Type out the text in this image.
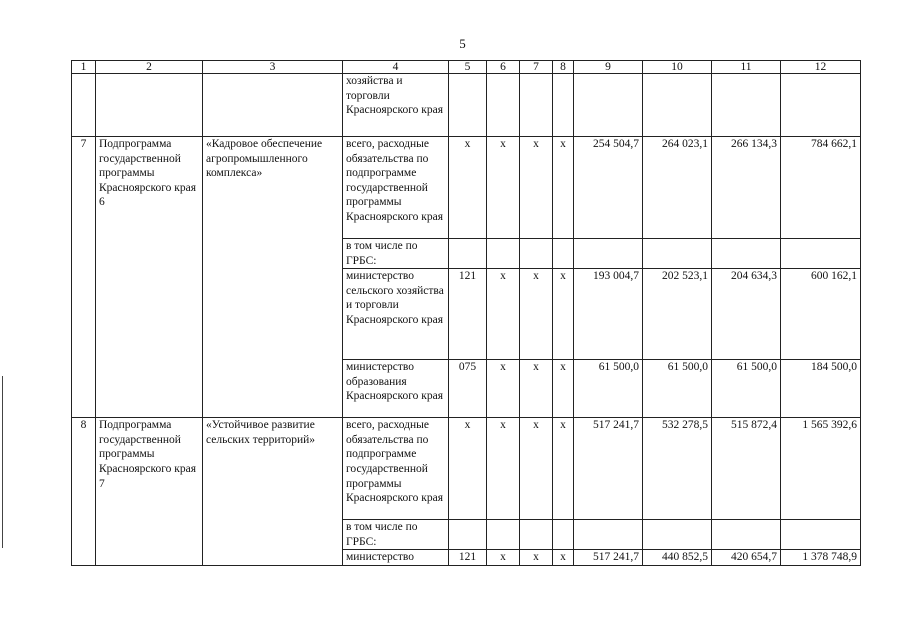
5
1	2	3	4	5	6	7	8	9	10	11	12
			хозяйства и торговли Красноярского края								
7	Подпрограмма государственной программы Красноярского края 6	«Кадровое обеспечение агропромышленного комплекса»	всего, расходные обязательства по подпрограмме государственной программы Красноярского края	х	х	х	х	254 504,7	264 023,1	266 134,3	784 662,1
			в том числе по ГРБС:								
			министерство сельского хозяйства и торговли Красноярского края	121	х	х	х	193 004,7	202 523,1	204 634,3	600 162,1
			министерство образования Красноярского края	075	х	х	х	61 500,0	61 500,0	61 500,0	184 500,0
8	Подпрограмма государственной программы Красноярского края 7	«Устойчивое развитие сельских территорий»	всего, расходные обязательства по подпрограмме государственной программы Красноярского края	х	х	х	х	517 241,7	532 278,5	515 872,4	1 565 392,6
			в том числе по ГРБС:								
			министерство	121	х	х	х	517 241,7	440 852,5	420 654,7	1 378 748,9
